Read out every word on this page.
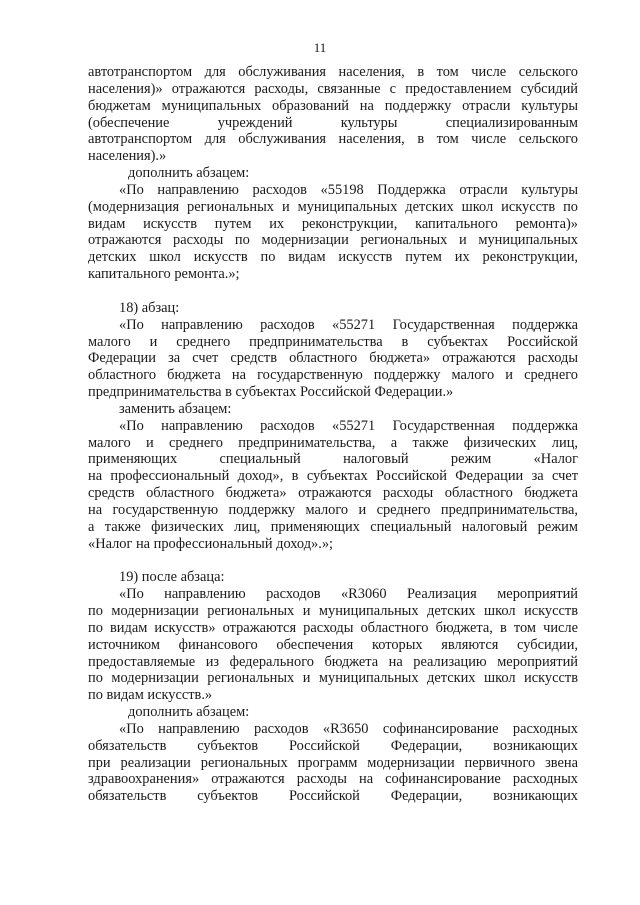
11
автотранспортом для обслуживания населения, в том числе сельского
населения)» отражаются расходы, связанные с предоставлением субсидий
бюджетам муниципальных образований на поддержку отрасли культуры
(обеспечение учреждений культуры специализированным
автотранспортом для обслуживания населения, в том числе сельского
населения).»
дополнить абзацем:
«По направлению расходов «55198 Поддержка отрасли культуры
(модернизация региональных и муниципальных детских школ искусств по
видам искусств путем их реконструкции, капитального ремонта)»
отражаются расходы по модернизации региональных и муниципальных
детских школ искусств по видам искусств путем их реконструкции,
капитального ремонта.»;
18) абзац:
«По направлению расходов «55271 Государственная поддержка
малого и среднего предпринимательства в субъектах Российской
Федерации за счет средств областного бюджета» отражаются расходы
областного бюджета на государственную поддержку малого и среднего
предпринимательства в субъектах Российской Федерации.»
заменить абзацем:
«По направлению расходов «55271 Государственная поддержка
малого и среднего предпринимательства, а также физических лиц,
применяющих специальный налоговый режим «Налог
на профессиональный доход», в субъектах Российской Федерации за счет
средств областного бюджета» отражаются расходы областного бюджета
на государственную поддержку малого и среднего предпринимательства,
а также физических лиц, применяющих специальный налоговый режим
«Налог на профессиональный доход».»;
19) после абзаца:
«По направлению расходов «R3060 Реализация мероприятий
по модернизации региональных и муниципальных детских школ искусств
по видам искусств» отражаются расходы областного бюджета, в том числе
источником финансового обеспечения которых являются субсидии,
предоставляемые из федерального бюджета на реализацию мероприятий
по модернизации региональных и муниципальных детских школ искусств
по видам искусств.»
дополнить абзацем:
«По направлению расходов «R3650 софинансирование расходных
обязательств субъектов Российской Федерации, возникающих
при реализации региональных программ модернизации первичного звена
здравоохранения» отражаются расходы на софинансирование расходных
обязательств субъектов Российской Федерации, возникающих
